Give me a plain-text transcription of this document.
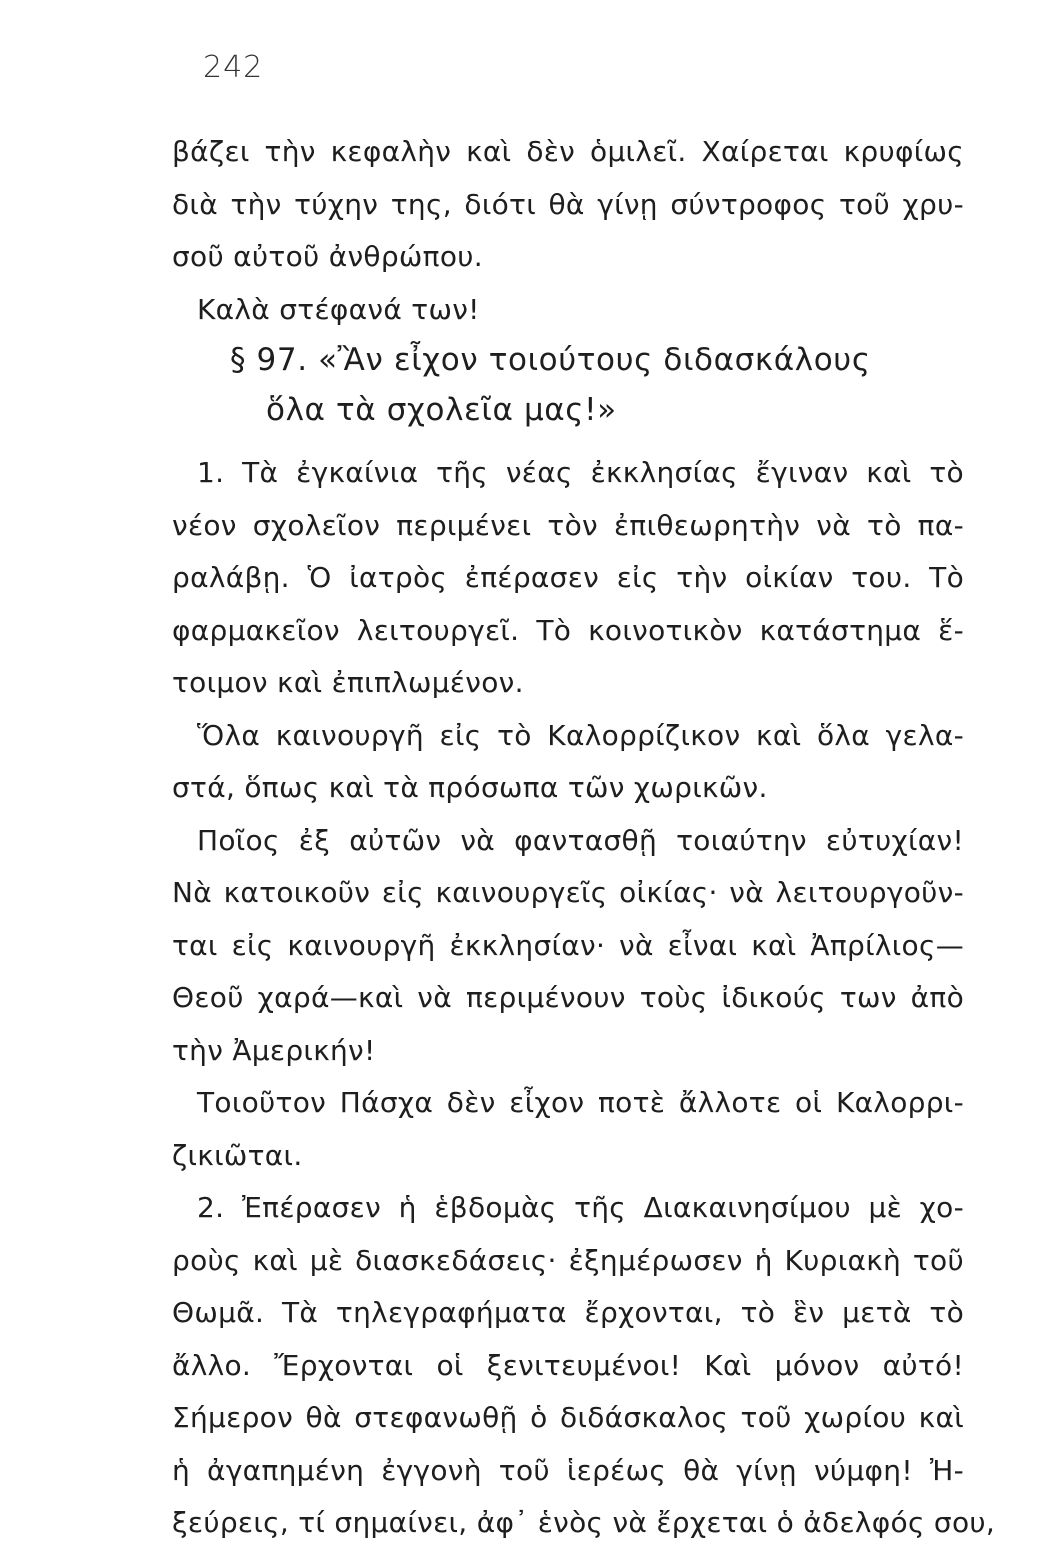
242
βάζει τὴν κεφαλὴν καὶ δὲν ὁμιλεῖ. Χαίρεται κρυφίως
διὰ τὴν τύχην της, διότι θὰ γίνῃ σύντροφος τοῦ χρυ-
σοῦ αὐτοῦ ἀνθρώπου.
Καλὰ στέφανά των!
§ 97. «Ἂν εἶχον τοιούτους διδασκάλους
ὅλα τὰ σχολεῖα μας!»
1. Τὰ ἐγκαίνια τῆς νέας ἐκκλησίας ἔγιναν καὶ τὸ
νέον σχολεῖον περιμένει τὸν ἐπιθεωρητὴν νὰ τὸ πα-
ραλάβῃ. Ὁ ἰατρὸς ἐπέρασεν εἰς τὴν οἰκίαν του. Τὸ
φαρμακεῖον λειτουργεῖ. Τὸ κοινοτικὸν κατάστημα ἕ-
τοιμον καὶ ἐπιπλωμένον.
Ὅλα καινουργῆ εἰς τὸ Καλορρίζικον καὶ ὅλα γελα-
στά, ὅπως καὶ τὰ πρόσωπα τῶν χωρικῶν.
Ποῖος ἐξ αὐτῶν νὰ φαντασθῇ τοιαύτην εὐτυχίαν!
Νὰ κατοικοῦν εἰς καινουργεῖς οἰκίας· νὰ λειτουργοῦν-
ται εἰς καινουργῆ ἐκκλησίαν· νὰ εἶναι καὶ Ἀπρίλιος—
Θεοῦ χαρά—καὶ νὰ περιμένουν τοὺς ἰδικούς των ἀπὸ
τὴν Ἀμερικήν!
Τοιοῦτον Πάσχα δὲν εἶχον ποτὲ ἄλλοτε οἱ Καλορρι-
ζικιῶται.
2. Ἐπέρασεν ἡ ἑβδομὰς τῆς Διακαινησίμου μὲ χο-
ροὺς καὶ μὲ διασκεδάσεις· ἐξημέρωσεν ἡ Κυριακὴ τοῦ
Θωμᾶ. Τὰ τηλεγραφήματα ἔρχονται, τὸ ἓν μετὰ τὸ
ἄλλο. Ἔρχονται οἱ ξενιτευμένοι! Καὶ μόνον αὐτό!
Σήμερον θὰ στεφανωθῇ ὁ διδάσκαλος τοῦ χωρίου καὶ
ἡ ἀγαπημένη ἐγγονὴ τοῦ ἱερέως θὰ γίνῃ νύμφη! Ἠ-
ξεύρεις, τί σημαίνει, ἀφ᾽ ἑνὸς νὰ ἔρχεται ὁ ἀδελφός σου,
